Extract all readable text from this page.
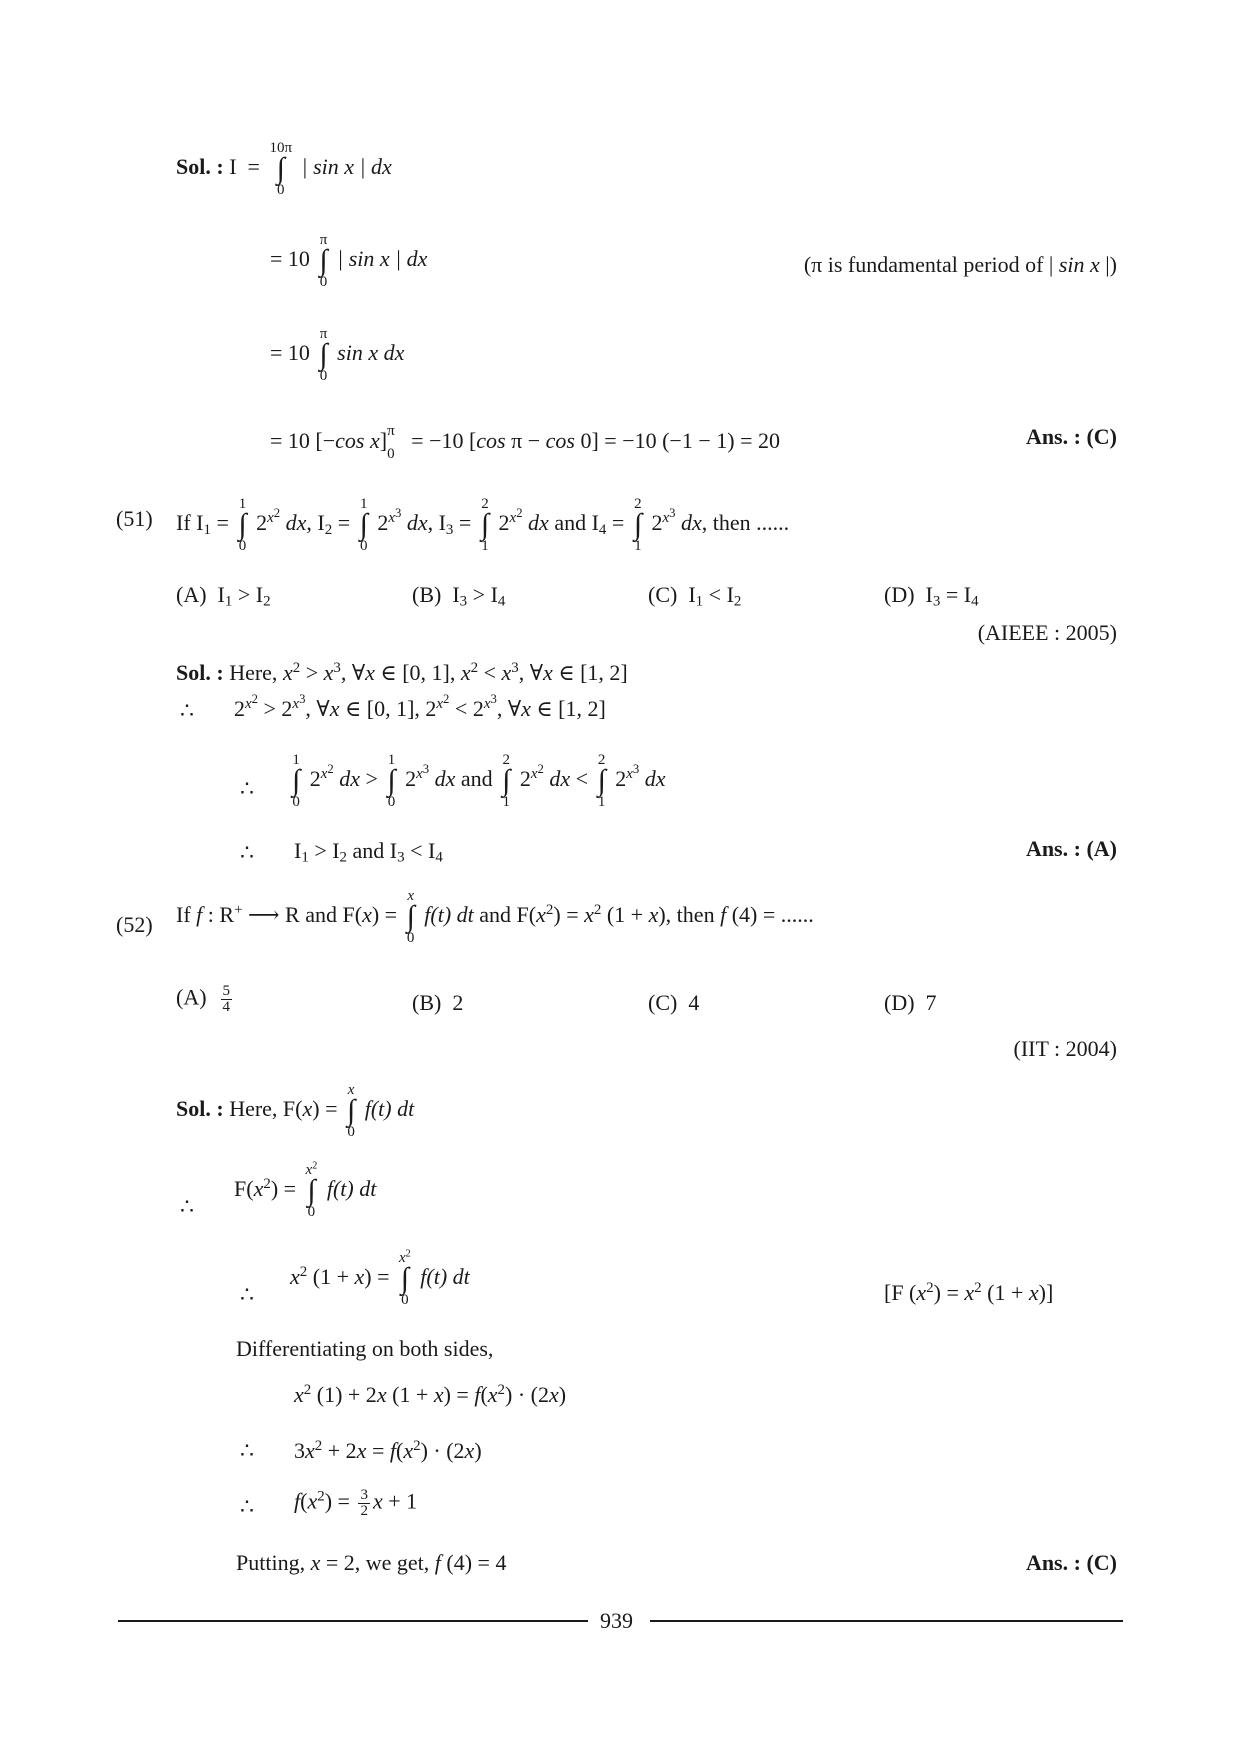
Sol. : I =
10π
∫
0
| sin x | dx
= 10
π
∫
0
| sin x | dx	(π is fundamental period of | sin x |)
= 10
π
∫
0
sin x dx
= 10 [−cos x] π
0
= −10 [cos π − cos 0] = −10 (−1 − 1) = 20	Ans. : (C)
(51) If $I_1$ =
1
∫
0
$2^{x^2}$ dx, $I_2$ =
1
∫
0
$2^{x^3}$ dx, $I_3$ =
2
∫
1
$2^{x^2}$ dx and $I_4$ =
2
∫
1
$2^{x^3}$ dx, then ......
(A) $I_1 > I_2$	(B) $I_3 > I_4$	(C) $I_1 < I_2$	(D) $I_3 = I_4$
(AIEEE : 2005)
Sol. : Here, $x^2 > x^3$, ∀x ∈ [0, 1], $x^2 < x^3$, ∀x ∈ [1, 2]
∴ $2^{x^2} > 2^{x^3}$, ∀x ∈ [0, 1], $2^{x^2} < 2^{x^3}$, ∀x ∈ [1, 2]
∴
1
∫
0
$2^{x^2}$ dx >
1
∫
0
$2^{x^3}$ dx and
2
∫
1
$2^{x^2}$ dx <
2
∫
1
$2^{x^3}$ dx
∴ $I_1 > I_2$ and $I_3 < I_4$	Ans. : (A)
(52) If f : R+ ⟶ R and F(x) =
x
∫
0
f(t) dt and $F(x^2) = x^2$ (1 + x), then f (4) = ......
$(A) \frac{5}{4}$	(B) 2	(C) 4	(D) 7
(IIT : 2004)
Sol. : Here, F(x) =
x
∫
0
f(t) dt
∴
$F(x^2)$ =
$x^2$
∫
0
f(t) dt
∴
$x^2$ (1 + x) =
$x^2$
∫
0
f(t) dt
[F $(x^2) = x^2$ (1 + x)]
Differentiating on both sides,
$x^2$ (1) + 2x $(1 + x) = f(x^2) \cdot (2x)$
∴ $3x^2 + 2x = f(x^2) \cdot (2x)$
∴ $f(x^2) = \frac{3}{2}$ x + 1
Putting, x = 2, we get, f (4) = 4	Ans. : (C)
939
